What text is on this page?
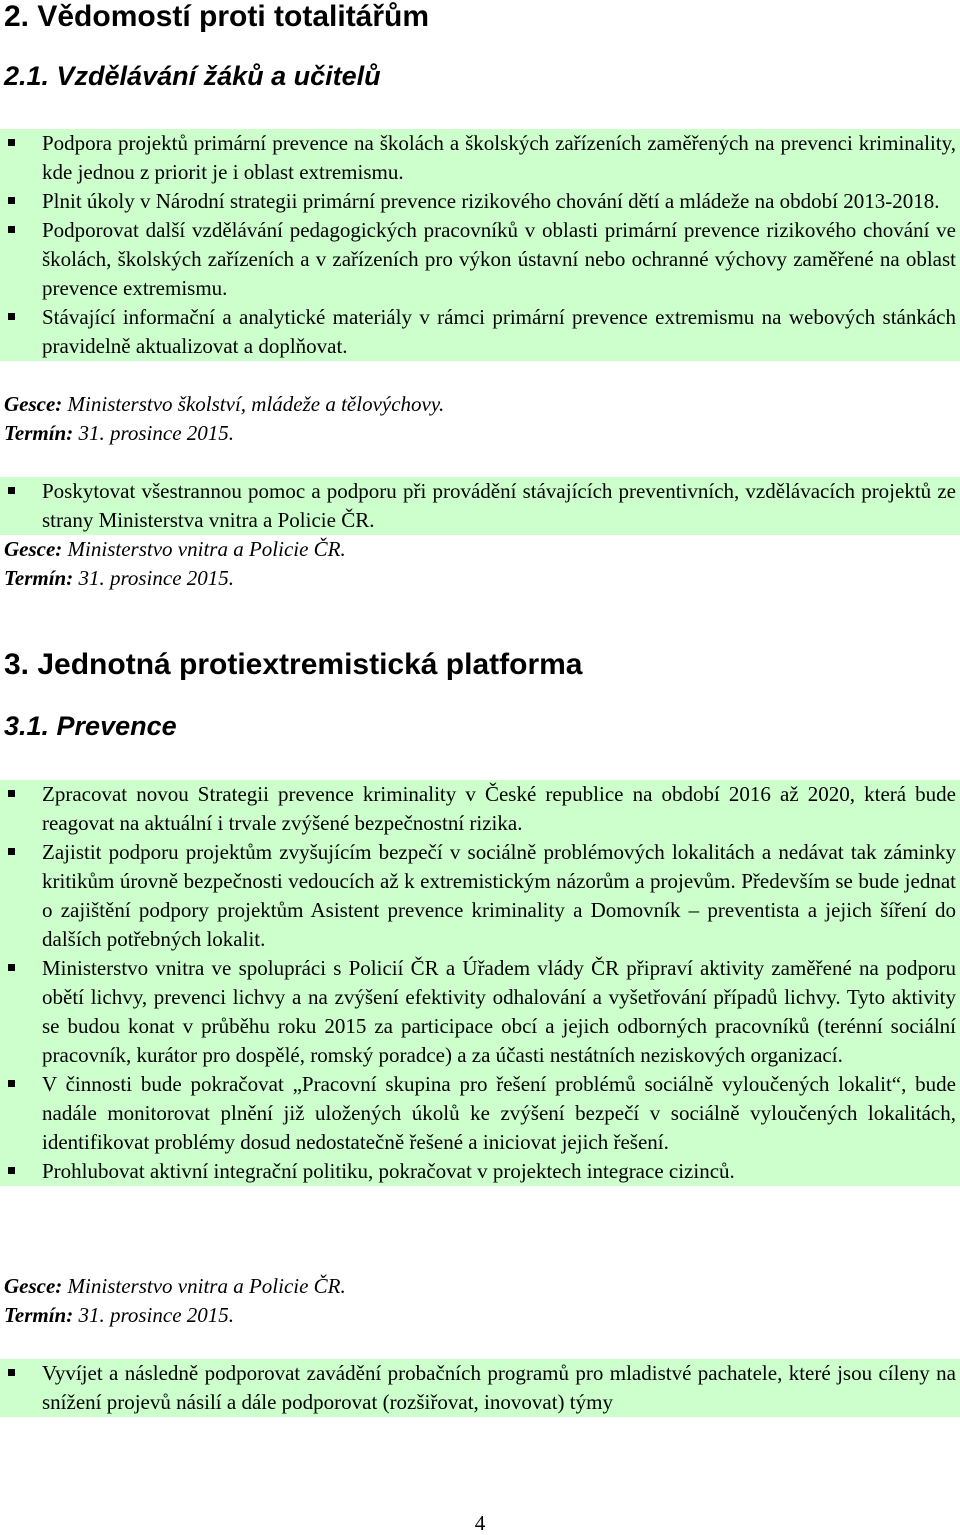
2. Vědomostí proti totalitářům
2.1. Vzdělávání žáků a učitelů
Podpora projektů primární prevence na školách a školských zařízeních zaměřených na prevenci kriminality, kde jednou z priorit je i oblast extremismu.
Plnit úkoly v Národní strategii primární prevence rizikového chování dětí a mládeže na období 2013-2018.
Podporovat další vzdělávání pedagogických pracovníků v oblasti primární prevence rizikového chování ve školách, školských zařízeních a v zařízeních pro výkon ústavní nebo ochranné výchovy zaměřené na oblast prevence extremismu.
Stávající informační a analytické materiály v rámci primární prevence extremismu na webových stánkách pravidelně aktualizovat a doplňovat.
Gesce: Ministerstvo školství, mládeže a tělovýchovy.
Termín: 31. prosince 2015.
Poskytovat všestrannou pomoc a podporu při provádění stávajících preventivních, vzdělávacích projektů ze strany Ministerstva vnitra a Policie ČR.
Gesce: Ministerstvo vnitra a Policie ČR.
Termín: 31. prosince 2015.
3. Jednotná protiextremistická platforma
3.1. Prevence
Zpracovat novou Strategii prevence kriminality v České republice na období 2016 až 2020, která bude reagovat na aktuální i trvale zvýšené bezpečnostní rizika.
Zajistit podporu projektům zvyšujícím bezpečí v sociálně problémových lokalitách a nedávat tak záminky kritikům úrovně bezpečnosti vedoucích až k extremistickým názorům a projevům. Především se bude jednat o zajištění podpory projektům Asistent prevence kriminality a Domovník – preventista a jejich šíření do dalších potřebných lokalit.
Ministerstvo vnitra ve spolupráci s Policií ČR a Úřadem vlády ČR připraví aktivity zaměřené na podporu obětí lichvy, prevenci lichvy a na zvýšení efektivity odhalování a vyšetřování případů lichvy. Tyto aktivity se budou konat v průběhu roku 2015 za participace obcí a jejich odborných pracovníků (terénní sociální pracovník, kurátor pro dospělé, romský poradce) a za účasti nestátních neziskových organizací.
V činnosti bude pokračovat „Pracovní skupina pro řešení problémů sociálně vyloučených lokalit“, bude nadále monitorovat plnění již uložených úkolů ke zvýšení bezpečí v sociálně vyloučených lokalitách, identifikovat problémy dosud nedostatečně řešené a iniciovat jejich řešení.
Prohlubovat aktivní integrační politiku, pokračovat v projektech integrace cizinců.
Gesce: Ministerstvo vnitra a Policie ČR.
Termín: 31. prosince 2015.
Vyvíjet a následně podporovat zavádění probačních programů pro mladistvé pachatele, které jsou cíleny na snížení projevů násilí a dále podporovat (rozšiřovat, inovovat) týmy
4
